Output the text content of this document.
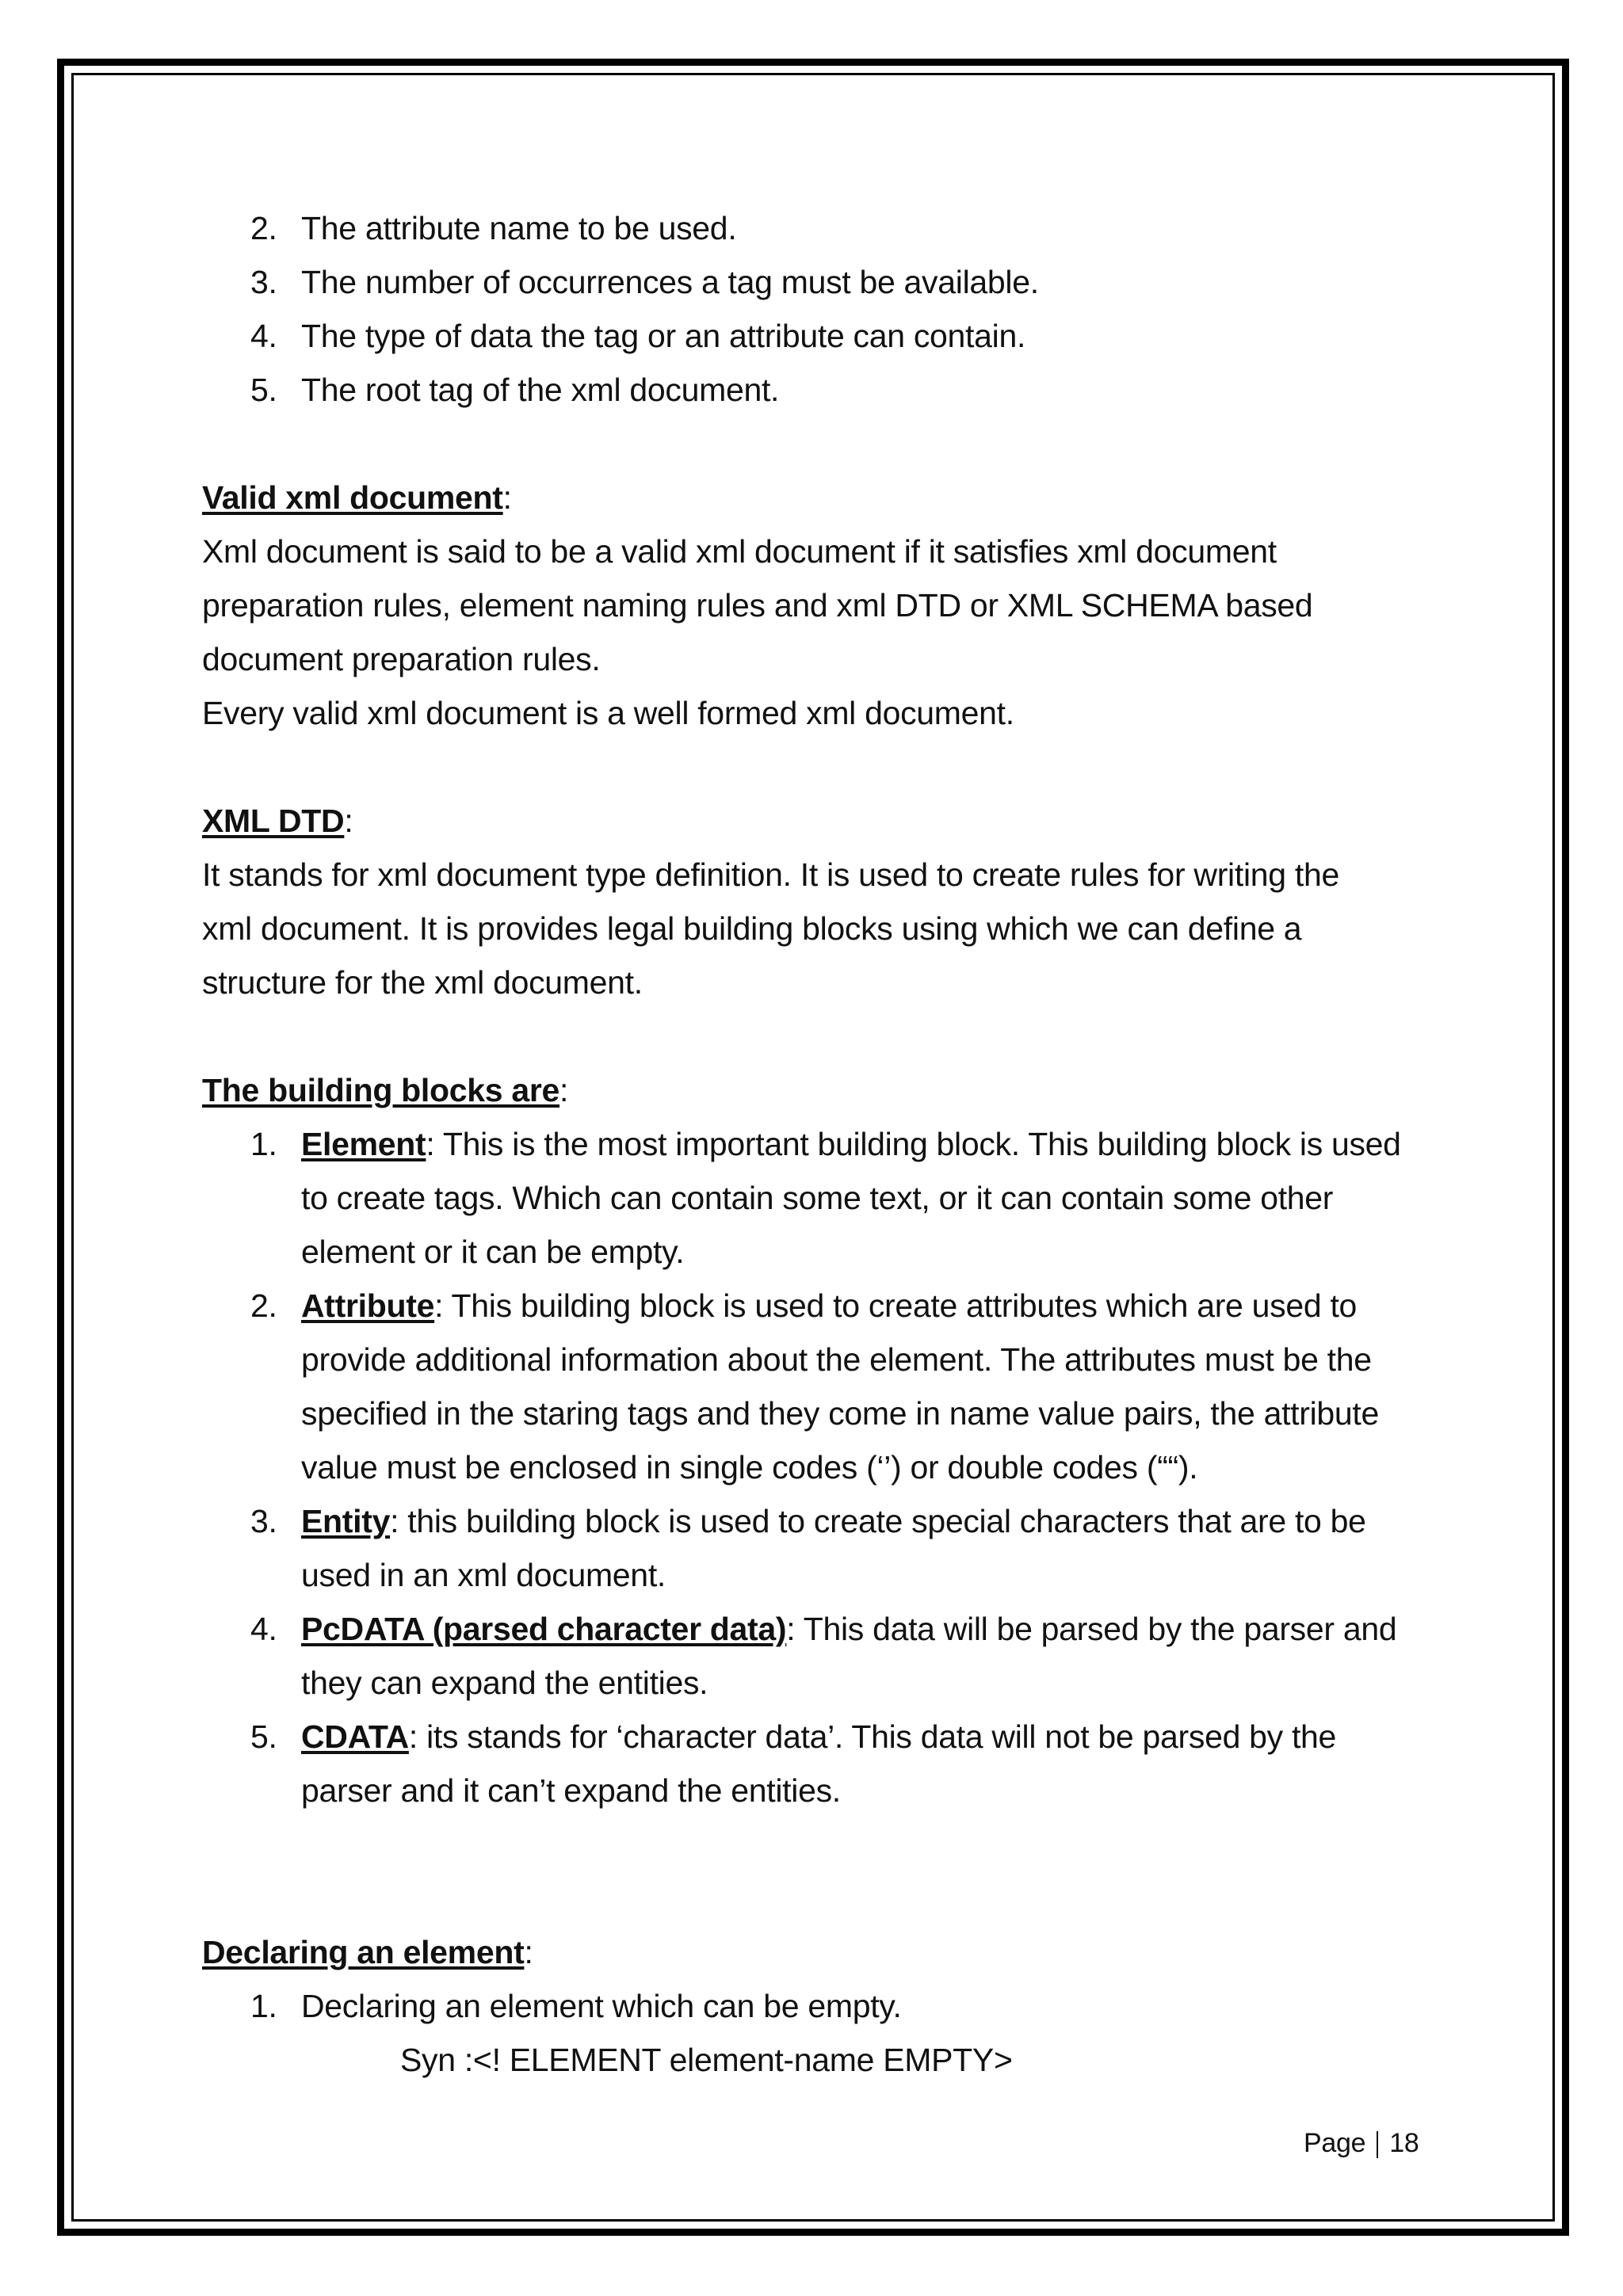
2. The attribute name to be used.
3. The number of occurrences a tag must be available.
4. The type of data the tag or an attribute can contain.
5. The root tag of the xml document.
Valid xml document:
Xml document is said to be a valid xml document if it satisfies xml document
preparation rules, element naming rules and xml DTD or XML SCHEMA based
document preparation rules.
Every valid xml document is a well formed xml document.
XML DTD:
It stands for xml document type definition. It is used to create rules for writing the
xml document. It is provides legal building blocks using which we can define a
structure for the xml document.
The building blocks are:
1. Element: This is the most important building block. This building block is used
to create tags. Which can contain some text, or it can contain some other
element or it can be empty.
2. Attribute: This building block is used to create attributes which are used to
provide additional information about the element. The attributes must be the
specified in the staring tags and they come in name value pairs, the attribute
value must be enclosed in single codes (‘’) or double codes (““).
3. Entity: this building block is used to create special characters that are to be
used in an xml document.
4. PcDATA (parsed character data): This data will be parsed by the parser and
they can expand the entities.
5. CDATA: its stands for ‘character data’. This data will not be parsed by the
parser and it can’t expand the entities.
Declaring an element:
1. Declaring an element which can be empty.
Syn :<! ELEMENT element-name EMPTY>
Page 18
